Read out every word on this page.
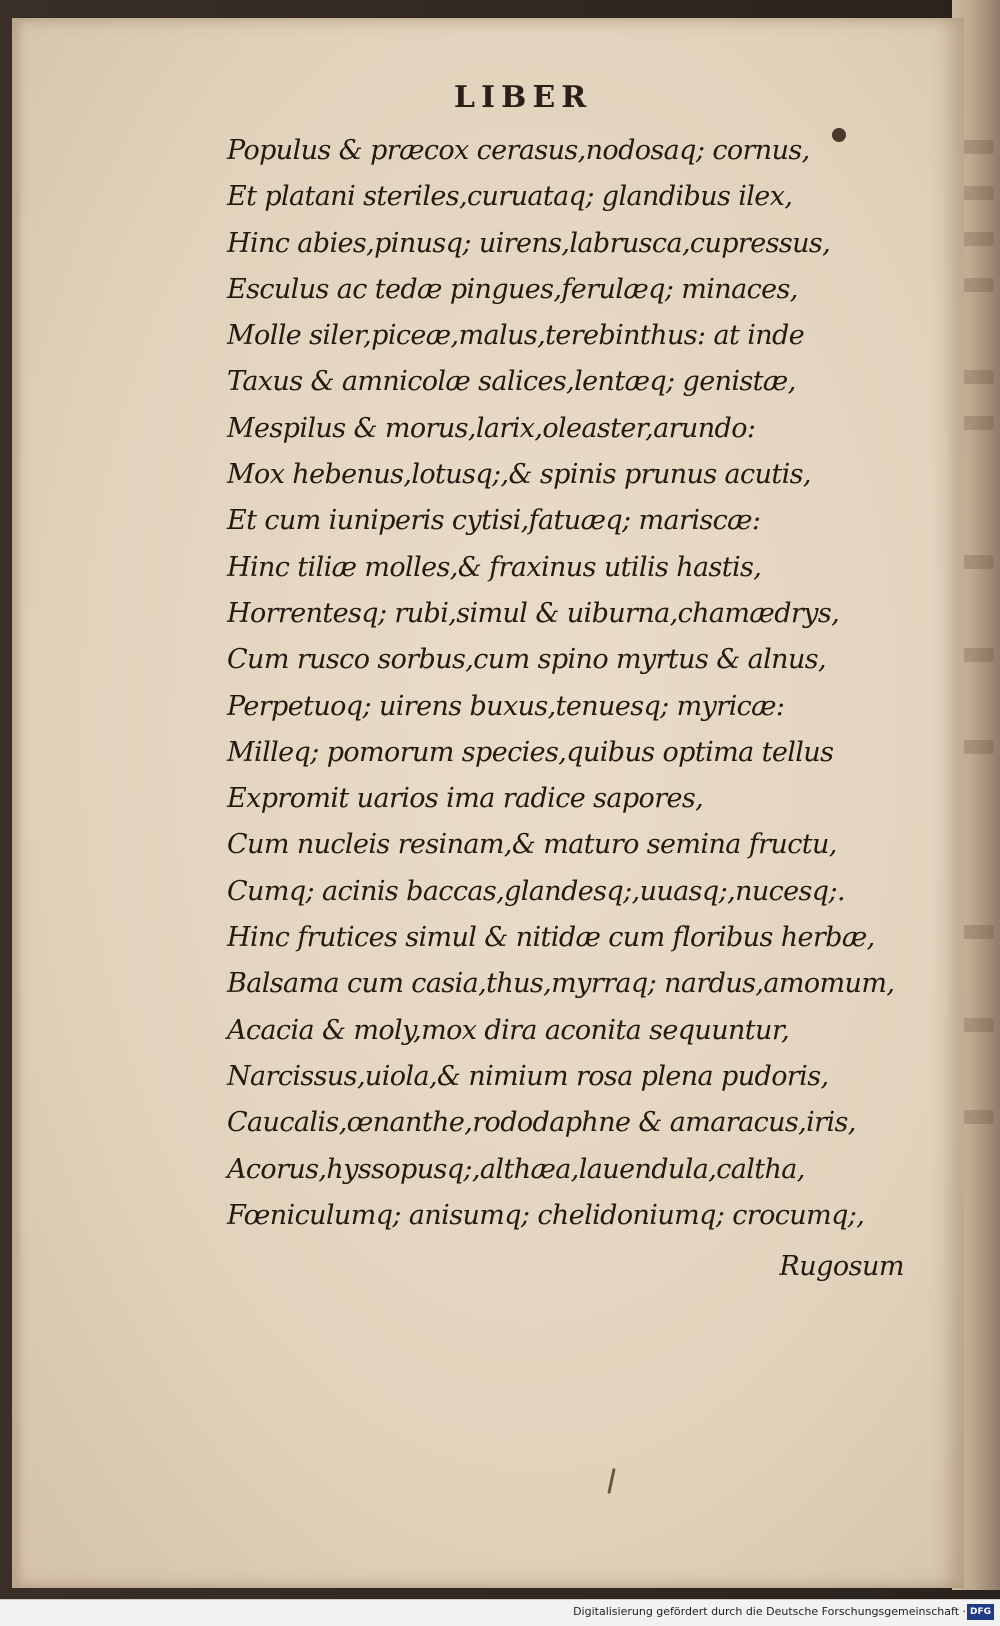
LIBER
Populus & præcox cerasus,nodosaq; cornus,
Et platani steriles,curuataq; glandibus ilex,
Hinc abies,pinusq; uirens,labrusca,cupressus,
Esculus ac tedæ pingues,ferulæq; minaces,
Molle siler,piceæ,malus,terebinthus: at inde
Taxus & amnicolæ salices,lentæq; genistæ,
Mespilus & morus,larix,oleaster,arundo:
Mox hebenus,lotusq;,& spinis prunus acutis,
Et cum iuniperis cytisi,fatuæq; mariscæ:
Hinc tiliæ molles,& fraxinus utilis hastis,
Horrentesq; rubi,simul & uiburna,chamædrys,
Cum rusco sorbus,cum spino myrtus & alnus,
Perpetuoq; uirens buxus,tenuesq; myricæ:
Milleq; pomorum species,quibus optima tellus
Expromit uarios ima radice sapores,
Cum nucleis resinam,& maturo semina fructu,
Cumq; acinis baccas,glandesq;,uuasq;,nucesq;.
Hinc frutices simul & nitidæ cum floribus herbæ,
Balsama cum casia,thus,myrraq; nardus,amomum,
Acacia & moly,mox dira aconita sequuntur,
Narcissus,uiola,& nimium rosa plena pudoris,
Caucalis,œnanthe,rododaphne & amaracus,iris,
Acorus,hyssopusq;,althæa,lauendula,caltha,
Fœniculumq; anisumq; chelidoniumq; crocumq;,
Rugosum
Digitalisierung gefördert durch die Deutsche Forschungsgemeinschaft · DFG
